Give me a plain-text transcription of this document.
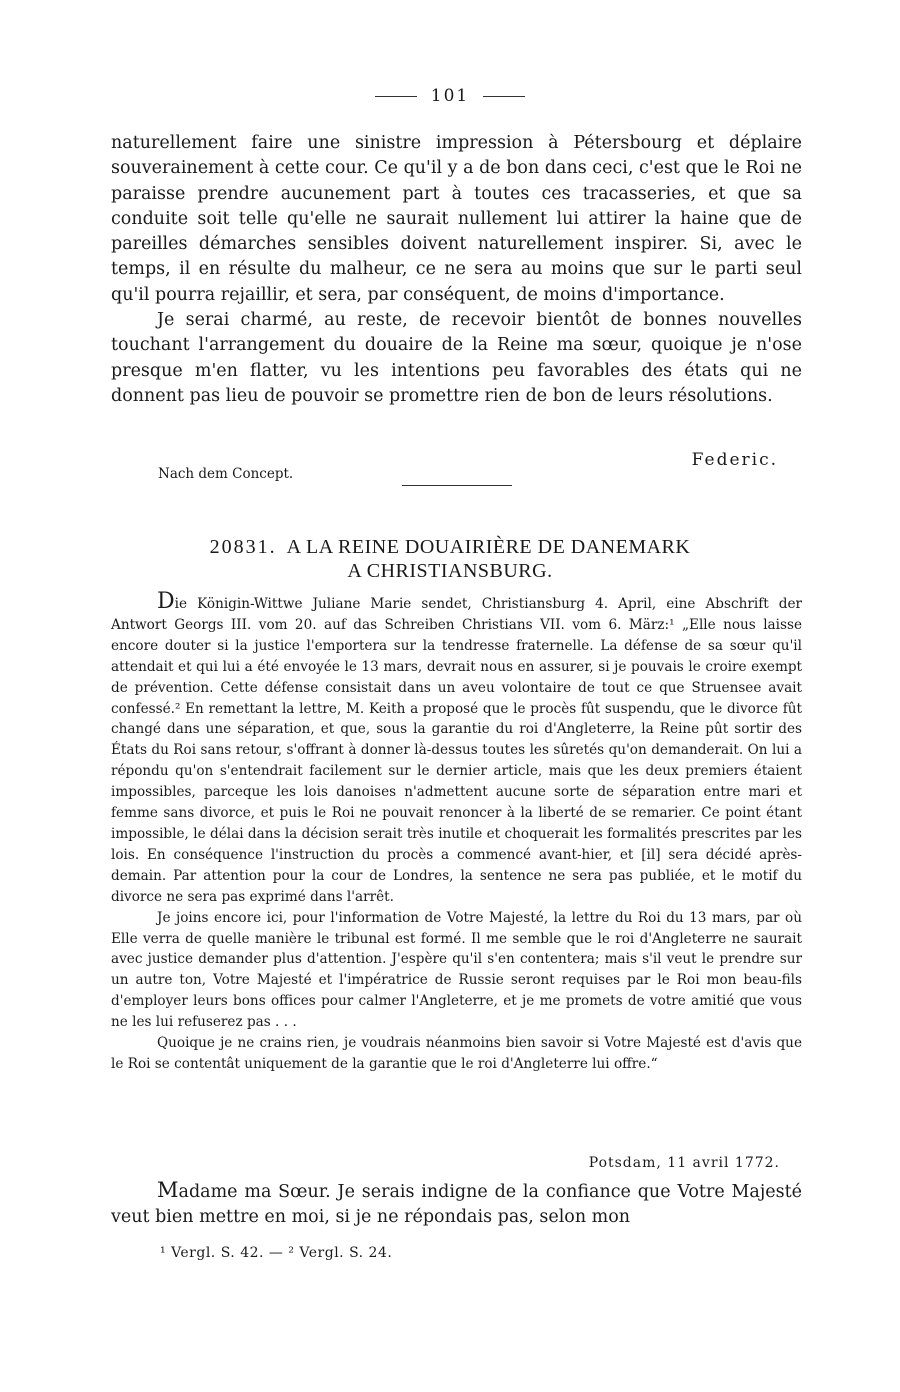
101

naturellement faire une sinistre impression à Pétersbourg et déplaire souverainement à cette cour. Ce qu'il y a de bon dans ceci, c'est que le Roi ne paraisse prendre aucunement part à toutes ces tracasseries, et que sa conduite soit telle qu'elle ne saurait nullement lui attirer la haine que de pareilles démarches sensibles doivent naturellement inspirer. Si, avec le temps, il en résulte du malheur, ce ne sera au moins que sur le parti seul qu'il pourra rejaillir, et sera, par conséquent, de moins d'importance.

Je serai charmé, au reste, de recevoir bientôt de bonnes nouvelles touchant l'arrangement du douaire de la Reine ma sœur, quoique je n'ose presque m'en flatter, vu les intentions peu favorables des états qui ne donnent pas lieu de pouvoir se promettre rien de bon de leurs résolutions.

Federic.
Nach dem Concept.
20831. A LA REINE DOUAIRIÈRE DE DANEMARK
A CHRISTIANSBURG.

Die Königin-Wittwe Juliane Marie sendet, Christiansburg 4. April, eine Abschrift der Antwort Georgs III. vom 20. auf das Schreiben Christians VII. vom 6. März:¹ „Elle nous laisse encore douter si la justice l'emportera sur la tendresse fraternelle. La défense de sa sœur qu'il attendait et qui lui a été envoyée le 13 mars, devrait nous en assurer, si je pouvais le croire exempt de prévention. Cette défense consistait dans un aveu volontaire de tout ce que Struensee avait confessé.² En remettant la lettre, M. Keith a proposé que le procès fût suspendu, que le divorce fût changé dans une séparation, et que, sous la garantie du roi d'Angleterre, la Reine pût sortir des États du Roi sans retour, s'offrant à donner là-dessus toutes les sûretés qu'on demanderait. On lui a répondu qu'on s'entendrait facilement sur le dernier article, mais que les deux premiers étaient impossibles, parceque les lois danoises n'admettent aucune sorte de séparation entre mari et femme sans divorce, et puis le Roi ne pouvait renoncer à la liberté de se remarier. Ce point étant impossible, le délai dans la décision serait très inutile et choquerait les formalités prescrites par les lois. En conséquence l'instruction du procès a commencé avant-hier, et [il] sera décidé après-demain. Par attention pour la cour de Londres, la sentence ne sera pas publiée, et le motif du divorce ne sera pas exprimé dans l'arrêt.

Je joins encore ici, pour l'information de Votre Majesté, la lettre du Roi du 13 mars, par où Elle verra de quelle manière le tribunal est formé. Il me semble que le roi d'Angleterre ne saurait avec justice demander plus d'attention. J'espère qu'il s'en contentera; mais s'il veut le prendre sur un autre ton, Votre Majesté et l'impératrice de Russie seront requises par le Roi mon beau-fils d'employer leurs bons offices pour calmer l'Angleterre, et je me promets de votre amitié que vous ne les lui refuserez pas . . .

Quoique je ne crains rien, je voudrais néanmoins bien savoir si Votre Majesté est d'avis que le Roi se contentât uniquement de la garantie que le roi d'Angleterre lui offre.“

Potsdam, 11 avril 1772.

Madame ma Sœur. Je serais indigne de la confiance que Votre Majesté veut bien mettre en moi, si je ne répondais pas, selon mon

¹ Vergl. S. 42. — ² Vergl. S. 24.
